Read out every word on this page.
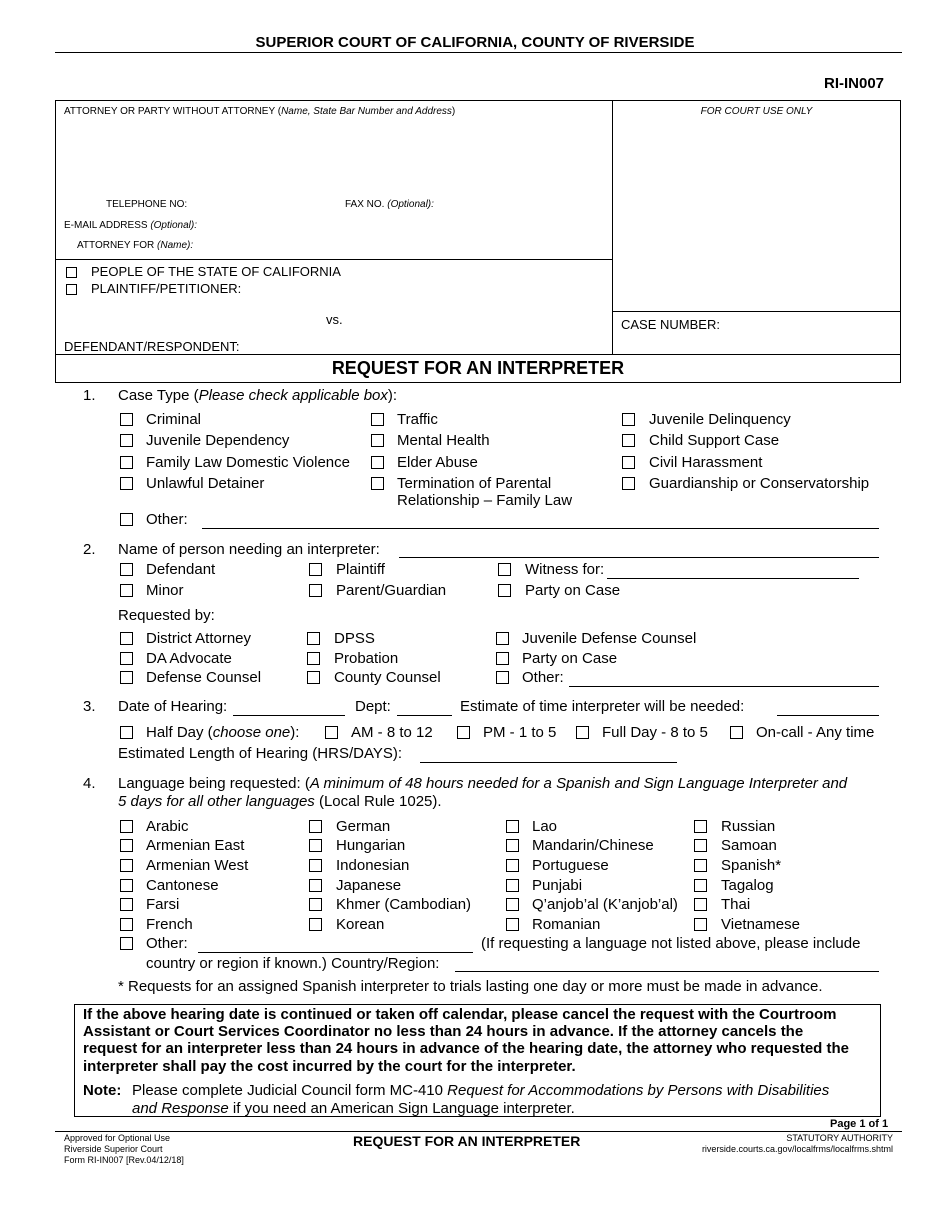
SUPERIOR COURT OF CALIFORNIA, COUNTY OF RIVERSIDE
RI-IN007
ATTORNEY OR PARTY WITHOUT ATTORNEY (Name, State Bar Number and Address)	FOR COURT USE ONLY
TELEPHONE NO:	FAX NO. (Optional):
E-MAIL ADDRESS (Optional):
ATTORNEY FOR (Name):
PEOPLE OF THE STATE OF CALIFORNIA
PLAINTIFF/PETITIONER:
vs.
DEFENDANT/RESPONDENT:
CASE NUMBER:
REQUEST FOR AN INTERPRETER
1. Case Type (Please check applicable box):
Criminal
Juvenile Dependency
Family Law Domestic Violence
Unlawful Detainer
Traffic
Mental Health
Elder Abuse
Termination of Parental
Relationship – Family Law
Juvenile Delinquency
Child Support Case
Civil Harassment
Guardianship or Conservatorship
Other:
2. Name of person needing an interpreter:
Defendant	Plaintiff	Witness for:
Minor	Parent/Guardian	Party on Case
Requested by:
District Attorney	DPSS	Juvenile Defense Counsel
DA Advocate	Probation	Party on Case
Defense Counsel	County Counsel	Other:
3. Date of Hearing:	Dept:	Estimate of time interpreter will be needed:
Half Day (choose one):	AM - 8 to 12	PM - 1 to 5	Full Day - 8 to 5	On-call - Any time
Estimated Length of Hearing (HRS/DAYS):
4. Language being requested: (A minimum of 48 hours needed for a Spanish and Sign Language Interpreter and
5 days for all other languages (Local Rule 1025).
Arabic
Armenian East
Armenian West
Cantonese
Farsi
French
German
Hungarian
Indonesian
Japanese
Khmer (Cambodian)
Korean
Lao
Mandarin/Chinese
Portuguese
Punjabi
Q’anjob’al (K’anjob’al)
Romanian
Russian
Samoan
Spanish*
Tagalog
Thai
Vietnamese
Other:	(If requesting a language not listed above, please include
country or region if known.) Country/Region:
* Requests for an assigned Spanish interpreter to trials lasting one day or more must be made in advance.
If the above hearing date is continued or taken off calendar, please cancel the request with the Courtroom
Assistant or Court Services Coordinator no less than 24 hours in advance. If the attorney cancels the
request for an interpreter less than 24 hours in advance of the hearing date, the attorney who requested the
interpreter shall pay the cost incurred by the court for the interpreter.
Note: Please complete Judicial Council form MC-410 Request for Accommodations by Persons with Disabilities
and Response if you need an American Sign Language interpreter.
Page 1 of 1
Approved for Optional Use
Riverside Superior Court
Form RI-IN007 [Rev.04/12/18]
REQUEST FOR AN INTERPRETER	STATUTORY AUTHORITY
riverside.courts.ca.gov/localfrms/localfrms.shtml
